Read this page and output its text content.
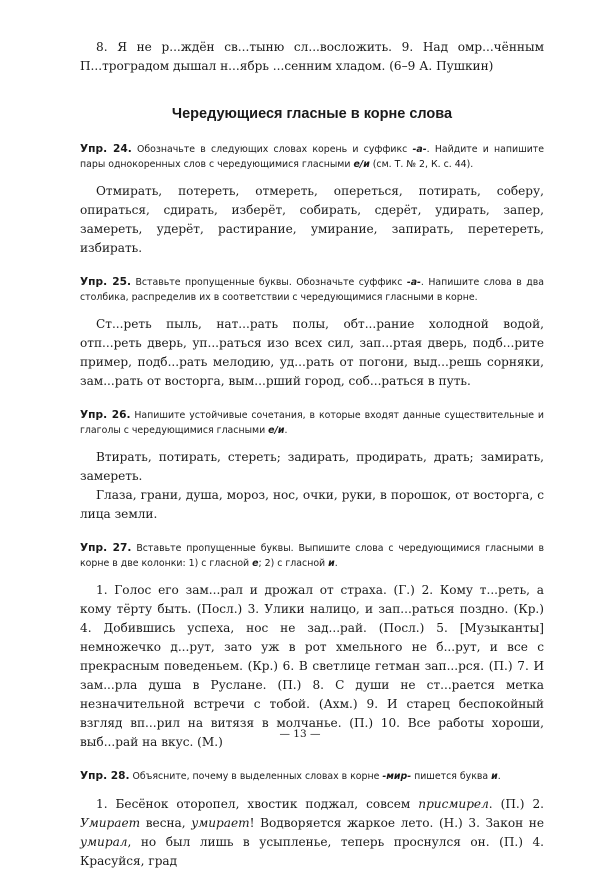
8. Я не р...ждён св...тыню сл...восложить. 9. Над омр...чённым П...троградом дышал н...ябрь ...сенним хладом. (6–9 А. Пушкин)

Чередующиеся гласные в корне слова

Упр. 24. Обозначьте в следующих словах корень и суффикс -а-. Найдите и напишите пары однокоренных слов с чередующимися гласными е/и (см. Т. № 2, К. с. 44).

Отмирать, потереть, отмереть, опереться, потирать, соберу, опираться, сдирать, изберёт, собирать, сдерёт, удирать, запер, замереть, удерёт, растирание, умирание, запирать, перетереть, избирать.

Упр. 25. Вставьте пропущенные буквы. Обозначьте суффикс -а-. Напишите слова в два столбика, распределив их в соответствии с чередующимися гласными в корне.

Ст...реть пыль, нат...рать полы, обт...рание холодной водой, отп...реть дверь, уп...раться изо всех сил, зап...ртая дверь, подб...рите пример, подб...рать мелодию, уд...рать от погони, выд...решь сорняки, зам...рать от восторга, вым...рший город, соб...раться в путь.

Упр. 26. Напишите устойчивые сочетания, в которые входят данные существительные и глаголы с чередующимися гласными е/и.

Втирать, потирать, стереть; задирать, продирать, драть; замирать, замереть.

Глаза, грани, душа, мороз, нос, очки, руки, в порошок, от восторга, с лица земли.

Упр. 27. Вставьте пропущенные буквы. Выпишите слова с чередующимися гласными в корне в две колонки: 1) с гласной е; 2) с гласной и.

1. Голос его зам...рал и дрожал от страха. (Г.) 2. Кому т...реть, а кому тёрту быть. (Посл.) 3. Улики налицо, и зап...раться поздно. (Кр.) 4. Добившись успеха, нос не зад...рай. (Посл.) 5. [Музыканты] немножечко д...рут, зато уж в рот хмельного не б...рут, и все с прекрасным поведеньем. (Кр.) 6. В светлице гетман зап...рся. (П.) 7. И зам...рла душа в Руслане. (П.) 8. С души не ст...рается метка незначительной встречи с тобой. (Ахм.) 9. И старец беспокойный взгляд вп...рил на витязя в молчанье. (П.) 10. Все работы хороши, выб...рай на вкус. (М.)

Упр. 28. Объясните, почему в выделенных словах в корне -мир- пишется буква и.

1. Бесёнок оторопел, хвостик поджал, совсем присмирел. (П.) 2. Умирает весна, умирает! Водворяется жаркое лето. (Н.) 3. Закон не умирал, но был лишь в усыпленье, теперь проснулся он. (П.) 4. Красуйся, град

— 13 —
